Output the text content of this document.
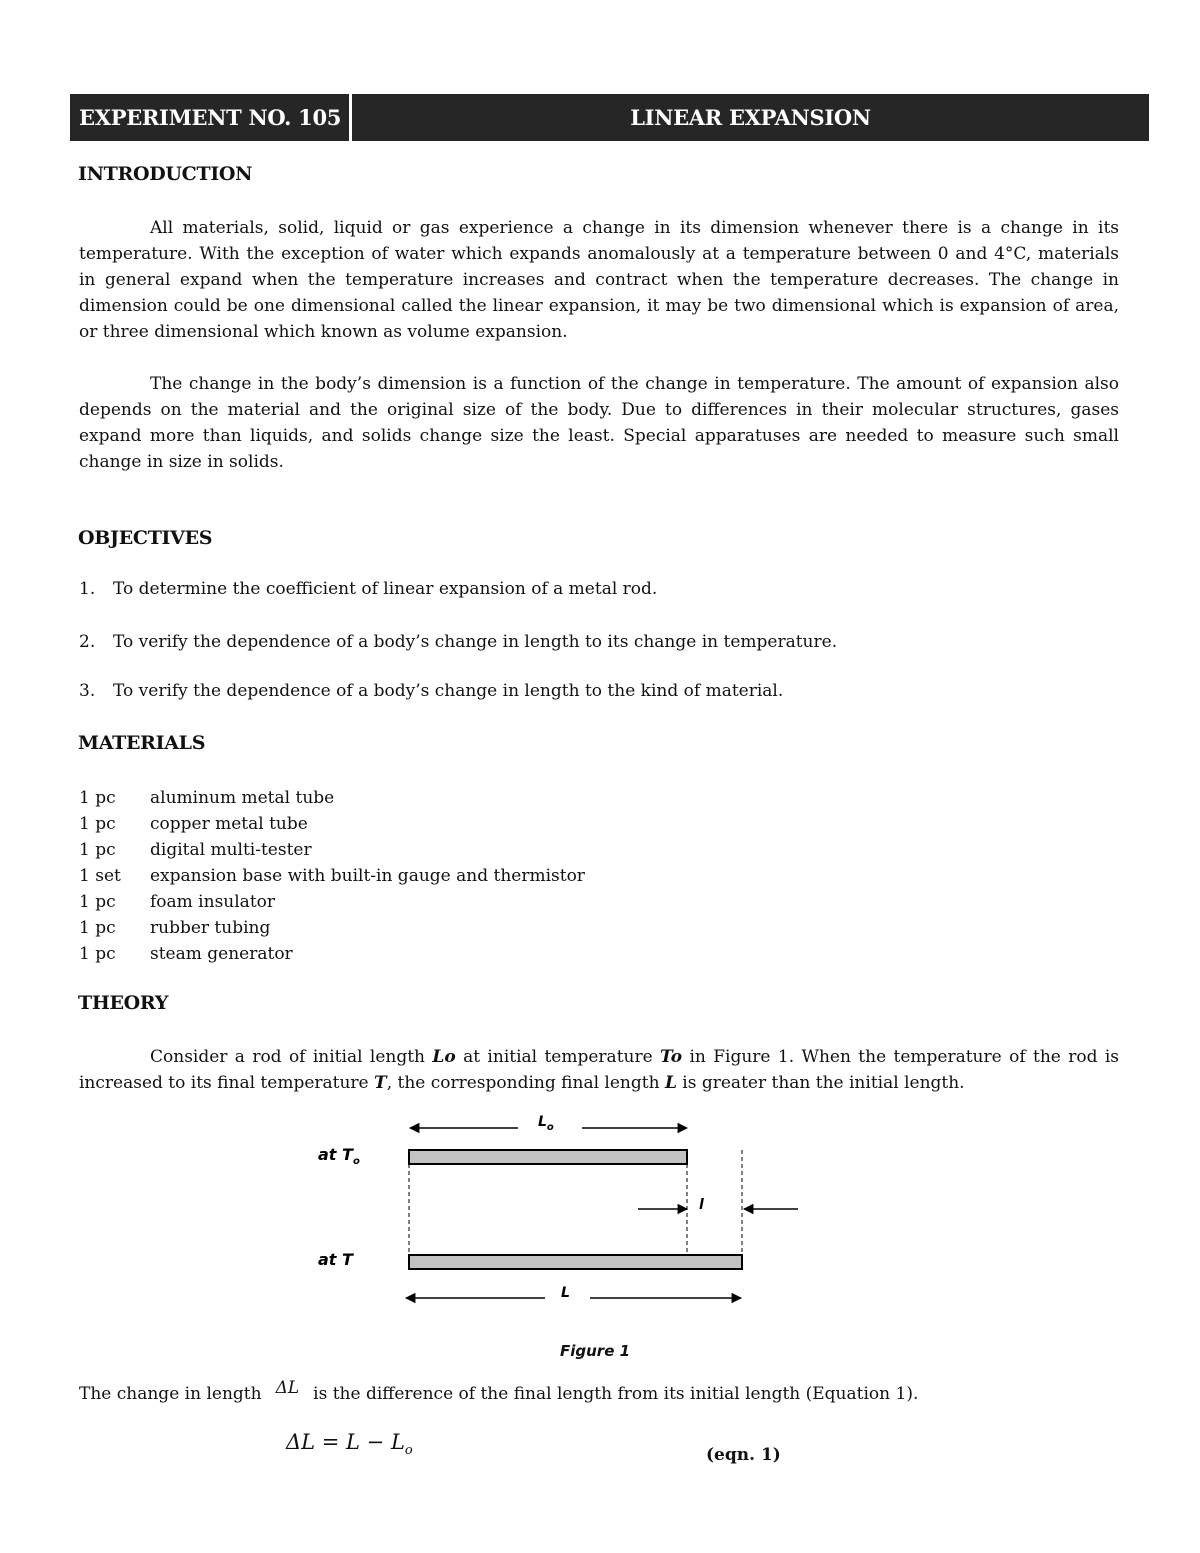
EXPERIMENT NO. 105	LINEAR EXPANSION
INTRODUCTION

All materials, solid, liquid or gas experience a change in its dimension whenever there is a change in its temperature. With the exception of water which expands anomalously at a temperature between 0 and 4°C, materials in general expand when the temperature increases and contract when the temperature decreases. The change in dimension could be one dimensional called the linear expansion, it may be two dimensional which is expansion of area, or three dimensional which known as volume expansion.

The change in the body’s dimension is a function of the change in temperature. The amount of expansion also depends on the material and the original size of the body. Due to differences in their molecular structures, gases expand more than liquids, and solids change size the least. Special apparatuses are needed to measure such small change in size in solids.

OBJECTIVES
1.	To determine the coefficient of linear expansion of a metal rod.
2.	To verify the dependence of a body’s change in length to its change in temperature.
3.	To verify the dependence of a body’s change in length to the kind of material.
MATERIALS
1 pc	aluminum metal tube
1 pc	copper metal tube
1 pc	digital multi-tester
1 set	expansion base with built-in gauge and thermistor
1 pc	foam insulator
1 pc	rubber tubing
1 pc	steam generator
THEORY

Consider a rod of initial length Lo at initial temperature To in Figure 1. When the temperature of the rod is increased to its final temperature T, the corresponding final length L is greater than the initial length.

$L_o$
at $T_o$
at T
l
L
Figure 1
The change in length ΔL is the difference of the final length from its initial length (Equation 1).
$\Delta L = L - L_o$	(eqn. 1)
